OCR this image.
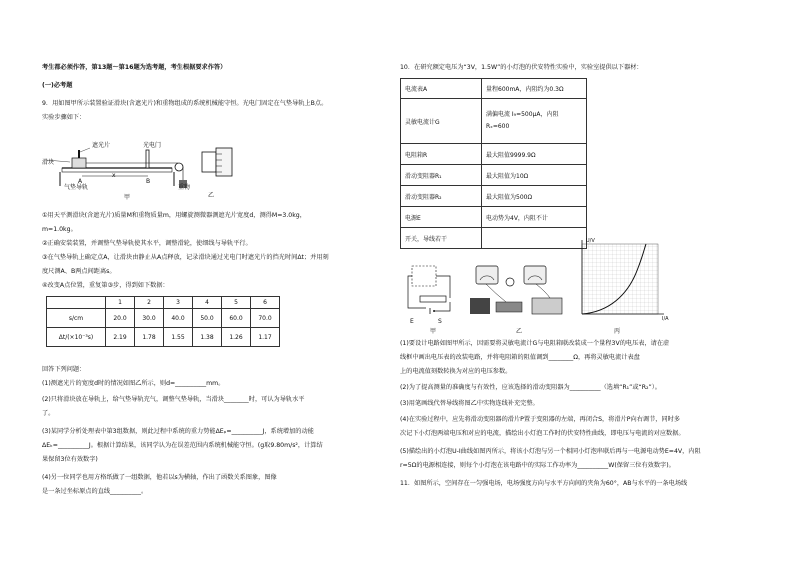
考生都必须作答，第13题～第16题为选考题，考生根据要求作答）
(一)必考题
9．用如图甲所示装置验证滑块(含遮光片)和重物组成的系统机械能守恒。光电门固定在气垫导轨上B点。
实验步骤如下：
滑块
遮光片	光电门
气垫导轨	重物
A	B
x
甲	乙
①用天平测滑块(含遮光片)质量M和重物质量m，用螺旋测微器测遮光片宽度d，测得M=3.0kg，
m=1.0kg。
②正确安装装置，并调整气垫导轨使其水平，调整滑轮，使细线与导轨平行。
③在气垫导轨上确定点A，让滑块由静止从A点释放，记录滑块通过光电门时遮光片的挡光时间Δt；并用刻
度尺测A、B两点间距离s。
④改变A点位置，重复第③步，得到如下数据：
	1	2	3	4	5	6
s/cm	20.0	30.0	40.0	50.0	60.0	70.0
Δt/(×10⁻³s)	2.19	1.78	1.55	1.38	1.26	1.17
回答下列问题：
(1)测遮光片的宽度d时的情况如图乙所示，则d=__________mm。
(2)只将滑块放在导轨上，给气垫导轨充气，调整气垫导轨，当滑块________时，可认为导轨水平
了。
(3)某同学分析处理表中第3组数据，则此过程中系统的重力势能ΔEₚ=__________J，系统增加的动能
ΔEₖ=__________J。根据计算结果，该同学认为在误差范围内系统机械能守恒。(g取9.80m/s²，计算结
果保留3位有效数字)
(4)另一位同学也用方格纸做了一组数据，他若以s为横轴，作出了函数关系图象，图像
是一条过坐标原点的直线__________。
10．在研究额定电压为“3V，1.5W”的小灯泡的伏安特性实验中，实验室提供以下器材：
电流表A	量程600mA，内阻约为0.3Ω
灵敏电流计G	满偏电流 I₉=500μA，内阻
Rₓ=600
电阻箱R	最大阻值9999.9Ω
滑动变阻器R₁	最大阻值为10Ω
滑动变阻器R₂	最大阻值为500Ω
电源E	电动势为4V，内阻不计
开关，导线若干	
E	S
甲	乙
U/V
I/A
丙
(1)要设计电路如图甲所示，因需要将灵敏电流计G与电阻箱联改装成一个量程3V的电压表，请在虚
线框中画出电压表的改装电路，并将电阻箱的阻值调到________Ω，再将灵敏电流计表盘
上的电流值刻数转换为对应的电压参数。
(2)为了提高测量的准确度与有效性，应该选择的滑动变阻器为__________（选填“R₁”或“R₂”）。
(3)用笔画线代替导线将图乙中实物连线补充完整。
(4)在实验过程中，应先将滑动变阻器的滑片P置于变阻器的左端，再闭合S，将滑片P向右调节，同时多
次记下小灯泡两端电压和对应的电流，描绘出小灯泡工作时的伏安特性曲线，即电压与电流的对应数据。
(5)描绘出的小灯泡U-I曲线如图丙所示，将该小灯泡与另一个相同小灯泡串联后再与一电源电动势E=4V，内阻
r=5Ω的电源相连接，则每个小灯泡在该电路中的实际工作功率为__________W(保留三位有效数字)。
11．如图所示，空间存在一匀强电场，电场强度方向与水平方向间的夹角为60°，AB与水平的一条电场线
